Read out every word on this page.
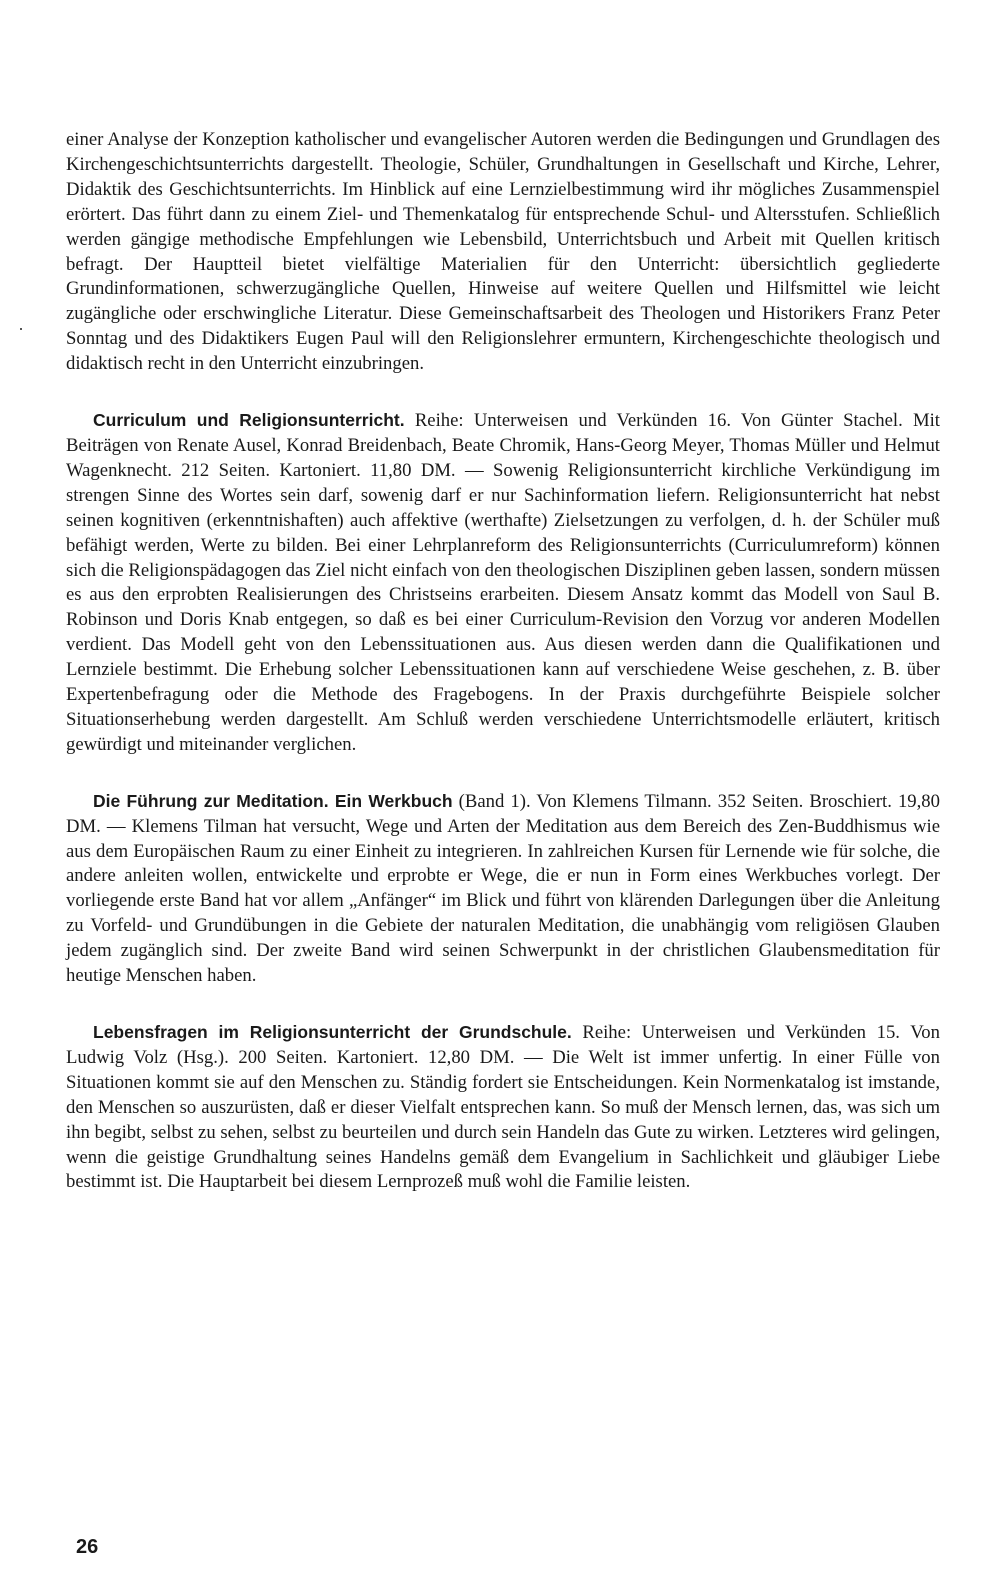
einer Analyse der Konzeption katholischer und evangelischer Autoren werden die Bedingungen und Grundlagen des Kirchengeschichtsunterrichts dargestellt. Theologie, Schüler, Grundhaltungen in Gesellschaft und Kirche, Lehrer, Didaktik des Geschichtsunterrichts. Im Hinblick auf eine Lernzielbestimmung wird ihr mögliches Zusammenspiel erörtert. Das führt dann zu einem Ziel- und Themenkatalog für entsprechende Schul- und Altersstufen. Schließlich werden gängige methodische Empfehlungen wie Lebensbild, Unterrichtsbuch und Arbeit mit Quellen kritisch befragt. Der Hauptteil bietet vielfältige Materialien für den Unterricht: übersichtlich gegliederte Grundinformationen, schwerzugängliche Quellen, Hinweise auf weitere Quellen und Hilfsmittel wie leicht zugängliche oder erschwingliche Literatur. Diese Gemeinschaftsarbeit des Theologen und Historikers Franz Peter Sonntag und des Didaktikers Eugen Paul will den Religionslehrer ermuntern, Kirchengeschichte theologisch und didaktisch recht in den Unterricht einzubringen.

Curriculum und Religionsunterricht. Reihe: Unterweisen und Verkünden 16. Von Günter Stachel. Mit Beiträgen von Renate Ausel, Konrad Breidenbach, Beate Chromik, Hans-Georg Meyer, Thomas Müller und Helmut Wagenknecht. 212 Seiten. Kartoniert. 11,80 DM. — Sowenig Religionsunterricht kirchliche Verkündigung im strengen Sinne des Wortes sein darf, sowenig darf er nur Sachinformation liefern. Religionsunterricht hat nebst seinen kognitiven (erkenntnishaften) auch affektive (werthafte) Zielsetzungen zu verfolgen, d. h. der Schüler muß befähigt werden, Werte zu bilden. Bei einer Lehrplanreform des Religionsunterrichts (Curriculumreform) können sich die Religionspädagogen das Ziel nicht einfach von den theologischen Disziplinen geben lassen, sondern müssen es aus den erprobten Realisierungen des Christseins erarbeiten. Diesem Ansatz kommt das Modell von Saul B. Robinson und Doris Knab entgegen, so daß es bei einer Curriculum-Revision den Vorzug vor anderen Modellen verdient. Das Modell geht von den Lebenssituationen aus. Aus diesen werden dann die Qualifikationen und Lernziele bestimmt. Die Erhebung solcher Lebenssituationen kann auf verschiedene Weise geschehen, z. B. über Expertenbefragung oder die Methode des Fragebogens. In der Praxis durchgeführte Beispiele solcher Situationserhebung werden dargestellt. Am Schluß werden verschiedene Unterrichtsmodelle erläutert, kritisch gewürdigt und miteinander verglichen.

Die Führung zur Meditation. Ein Werkbuch (Band 1). Von Klemens Tilmann. 352 Seiten. Broschiert. 19,80 DM. — Klemens Tilman hat versucht, Wege und Arten der Meditation aus dem Bereich des Zen-Buddhismus wie aus dem Europäischen Raum zu einer Einheit zu integrieren. In zahlreichen Kursen für Lernende wie für solche, die andere anleiten wollen, entwickelte und erprobte er Wege, die er nun in Form eines Werkbuches vorlegt. Der vorliegende erste Band hat vor allem „Anfänger“ im Blick und führt von klärenden Darlegungen über die Anleitung zu Vorfeld- und Grundübungen in die Gebiete der naturalen Meditation, die unabhängig vom religiösen Glauben jedem zugänglich sind. Der zweite Band wird seinen Schwerpunkt in der christlichen Glaubensmeditation für heutige Menschen haben.

Lebensfragen im Religionsunterricht der Grundschule. Reihe: Unterweisen und Verkünden 15. Von Ludwig Volz (Hsg.). 200 Seiten. Kartoniert. 12,80 DM. — Die Welt ist immer unfertig. In einer Fülle von Situationen kommt sie auf den Menschen zu. Ständig fordert sie Entscheidungen. Kein Normenkatalog ist imstande, den Menschen so auszurüsten, daß er dieser Vielfalt entsprechen kann. So muß der Mensch lernen, das, was sich um ihn begibt, selbst zu sehen, selbst zu beurteilen und durch sein Handeln das Gute zu wirken. Letzteres wird gelingen, wenn die geistige Grundhaltung seines Handelns gemäß dem Evangelium in Sachlichkeit und gläubiger Liebe bestimmt ist. Die Hauptarbeit bei diesem Lernprozeß muß wohl die Familie leisten.

26
